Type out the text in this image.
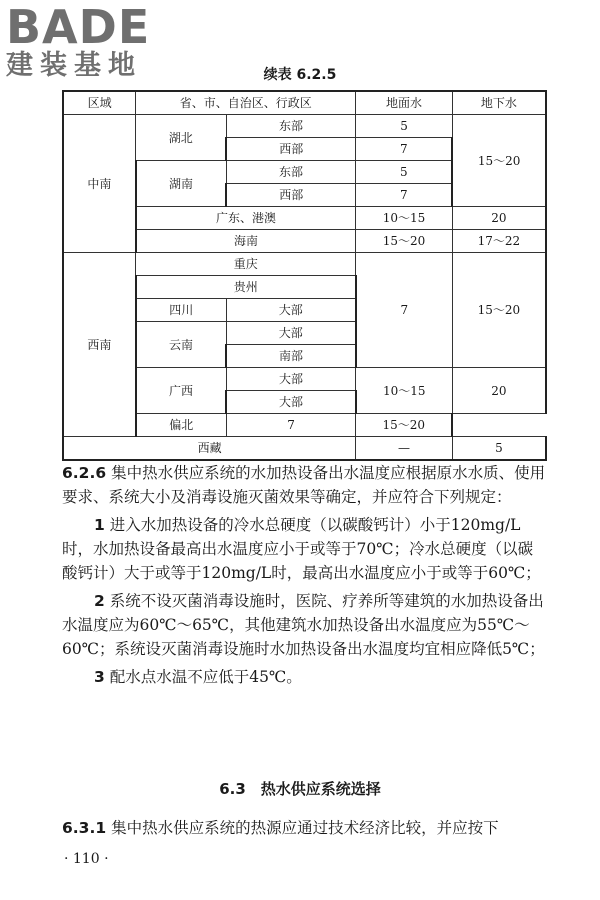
BADE
建装基地	续表 6.2.5
区域	省、市、自治区、行政区		地面水	地下水
中南	湖北	东部	5	15～20
		西部	7	
	湖南	东部	5	
		西部	7	
	广东、港澳		10～15	20
	海南		15～20	17～22
西南	重庆		7	15～20
	贵州			
	四川	大部		
	云南	大部		
		南部		
	广西	大部	10～15	20
		大部		
	偏北	7	15～20	
西藏			—	5

6.2.6 集中热水供应系统的水加热设备出水温度应根据原水水质、使用要求、系统大小及消毒设施灭菌效果等确定，并应符合下列规定：

1 进入水加热设备的冷水总硬度（以碳酸钙计）小于120mg/L时，水加热设备最高出水温度应小于或等于70℃；冷水总硬度（以碳酸钙计）大于或等于120mg/L时，最高出水温度应小于或等于60℃；

2 系统不设灭菌消毒设施时，医院、疗养所等建筑的水加热设备出水温度应为60℃～65℃，其他建筑水加热设备出水温度应为55℃～60℃；系统设灭菌消毒设施时水加热设备出水温度均宜相应降低5℃；

3 配水点水温不应低于45℃。

6.3　热水供应系统选择

6.3.1 集中热水供应系统的热源应通过技术经济比较，并应按下

· 110 ·
